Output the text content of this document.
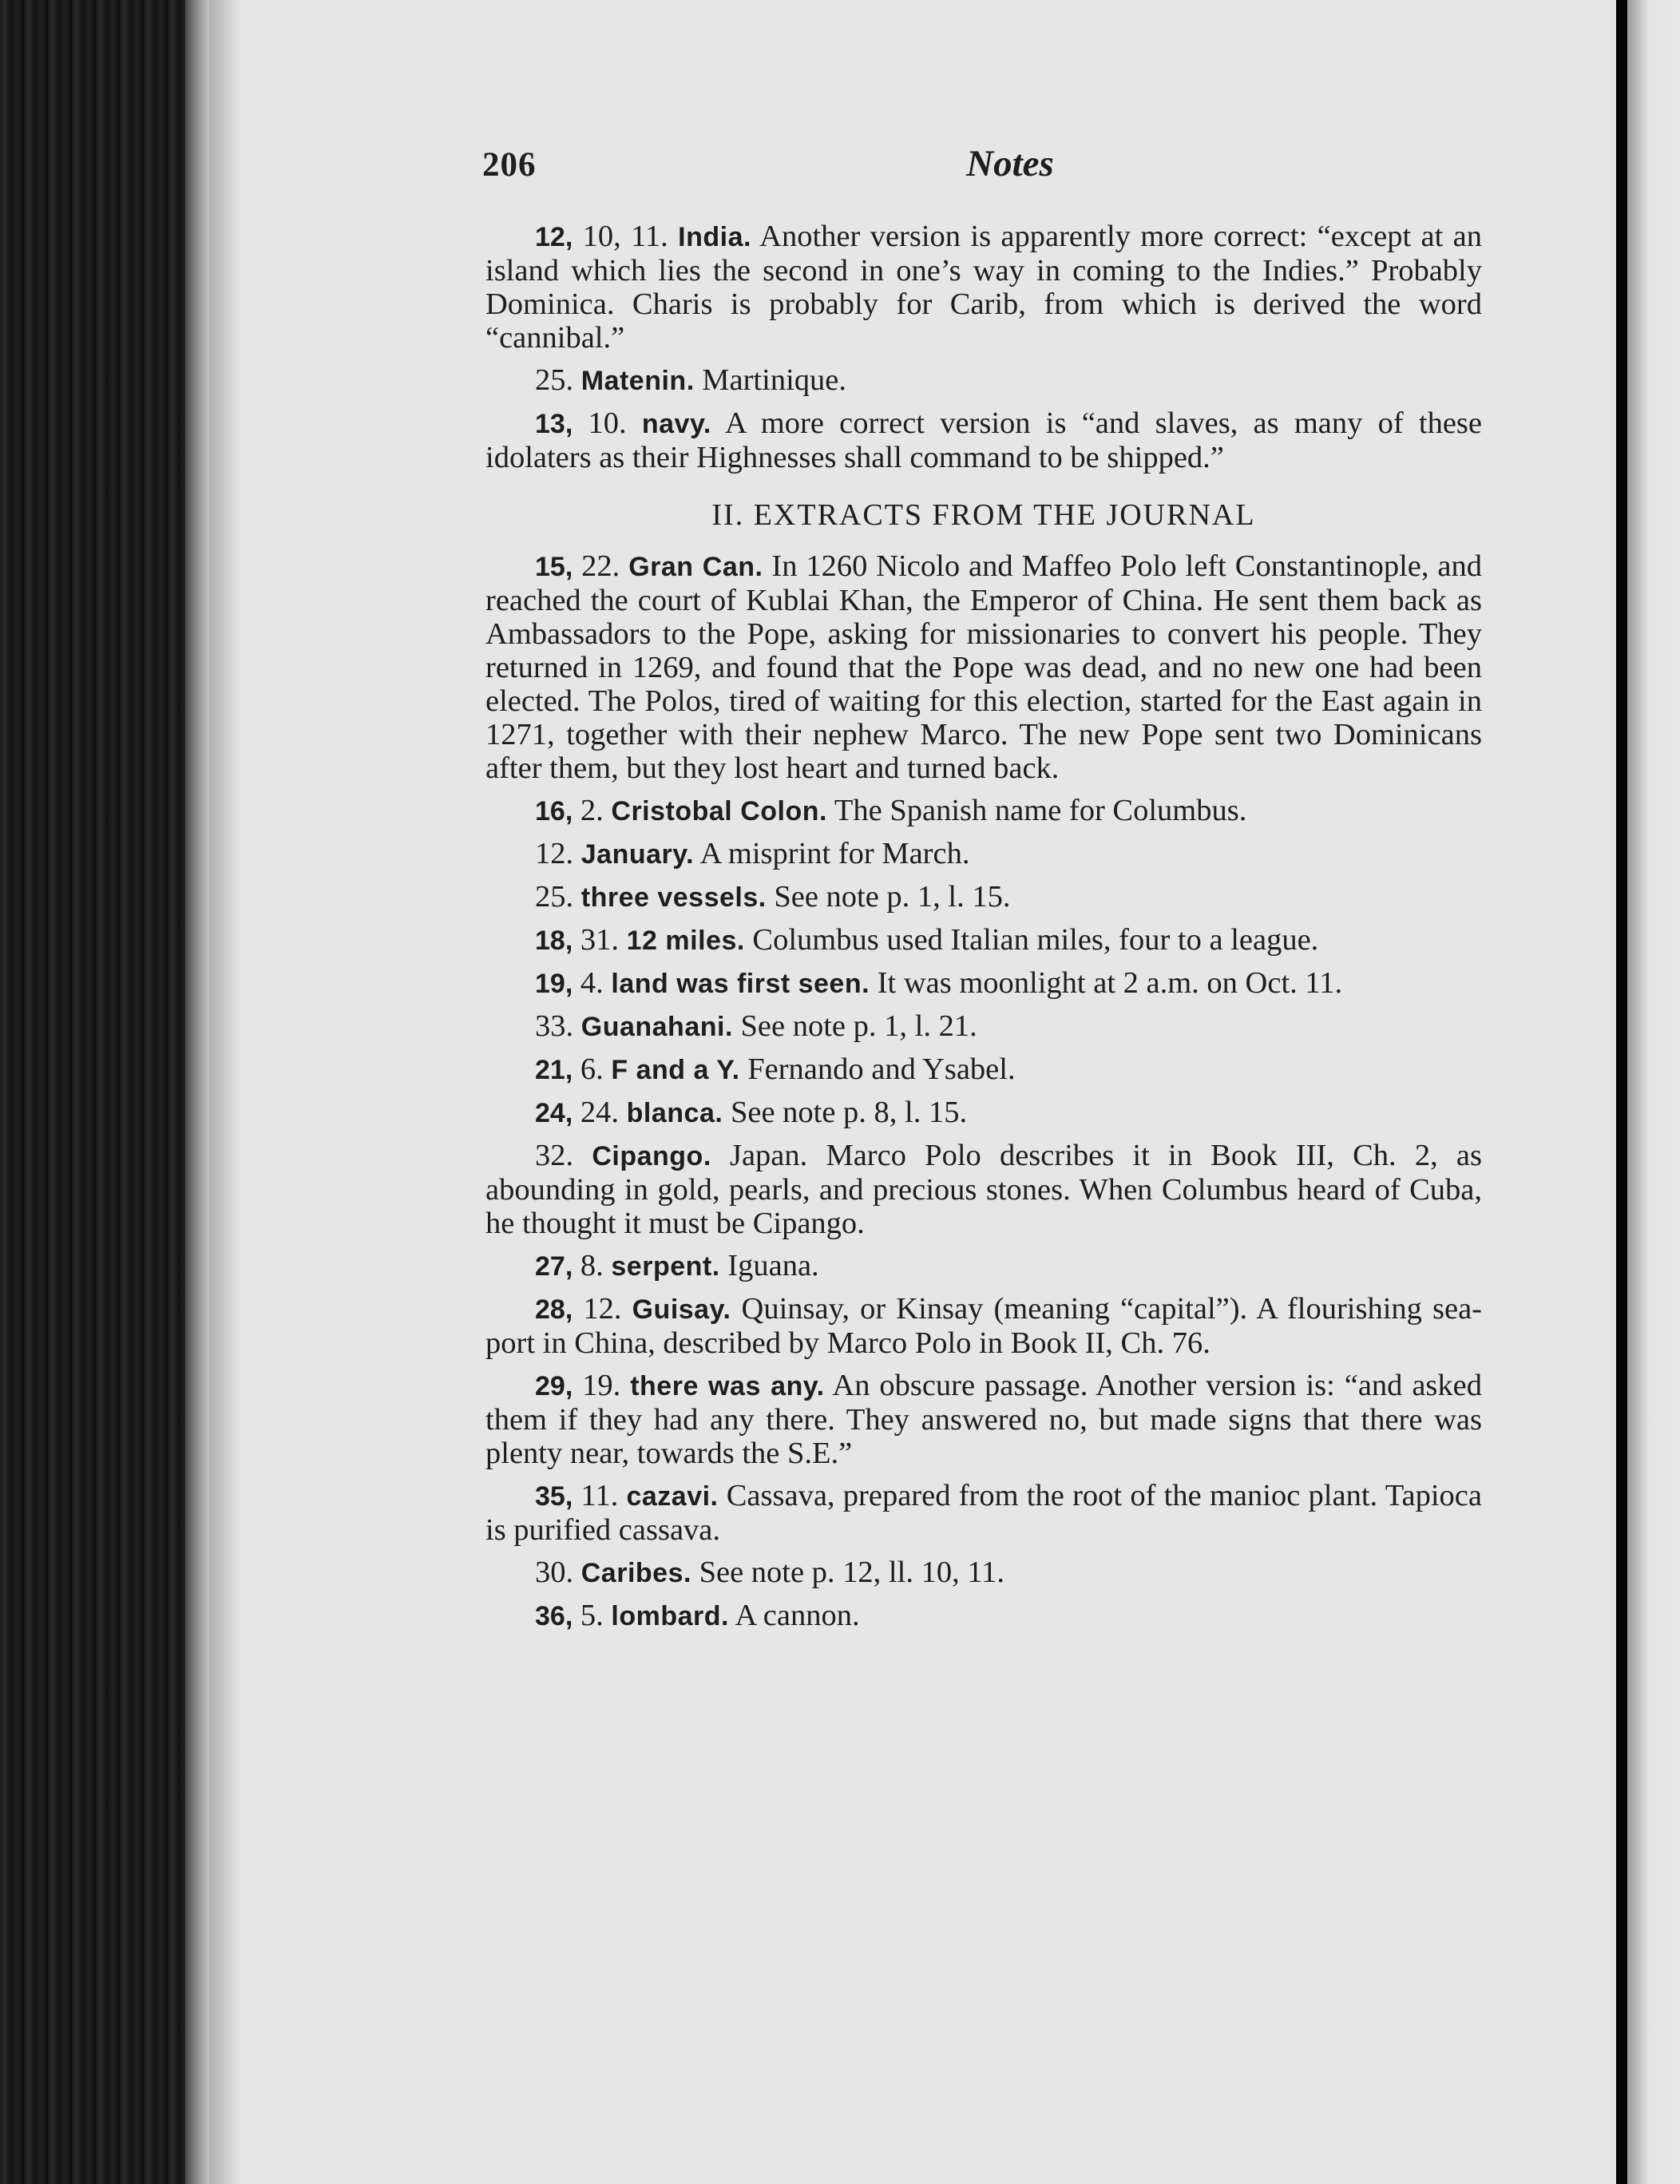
206	Notes

12, 10, 11. India. Another version is apparently more correct: “except at an island which lies the second in one’s way in coming to the Indies.” Probably Dominica. Charis is probably for Carib, from which is derived the word “cannibal.”

25. Matenin. Martinique.

13, 10. navy. A more correct version is “and slaves, as many of these idolaters as their Highnesses shall command to be shipped.”

II. EXTRACTS FROM THE JOURNAL

15, 22. Gran Can. In 1260 Nicolo and Maffeo Polo left Constantinople, and reached the court of Kublai Khan, the Emperor of China. He sent them back as Ambassadors to the Pope, asking for missionaries to convert his people. They returned in 1269, and found that the Pope was dead, and no new one had been elected. The Polos, tired of waiting for this election, started for the East again in 1271, together with their nephew Marco. The new Pope sent two Dominicans after them, but they lost heart and turned back.

16, 2. Cristobal Colon. The Spanish name for Columbus.

12. January. A misprint for March.

25. three vessels. See note p. 1, l. 15.

18, 31. 12 miles. Columbus used Italian miles, four to a league.

19, 4. land was first seen. It was moonlight at 2 a.m. on Oct. 11.

33. Guanahani. See note p. 1, l. 21.

21, 6. F and a Y. Fernando and Ysabel.

24, 24. blanca. See note p. 8, l. 15.

32. Cipango. Japan. Marco Polo describes it in Book III, Ch. 2, as abounding in gold, pearls, and precious stones. When Columbus heard of Cuba, he thought it must be Cipango.

27, 8. serpent. Iguana.

28, 12. Guisay. Quinsay, or Kinsay (meaning “capital”). A flourishing sea-port in China, described by Marco Polo in Book II, Ch. 76.

29, 19. there was any. An obscure passage. Another version is: “and asked them if they had any there. They answered no, but made signs that there was plenty near, towards the S.E.”

35, 11. cazavi. Cassava, prepared from the root of the manioc plant. Tapioca is purified cassava.

30. Caribes. See note p. 12, ll. 10, 11.

36, 5. lombard. A cannon.
